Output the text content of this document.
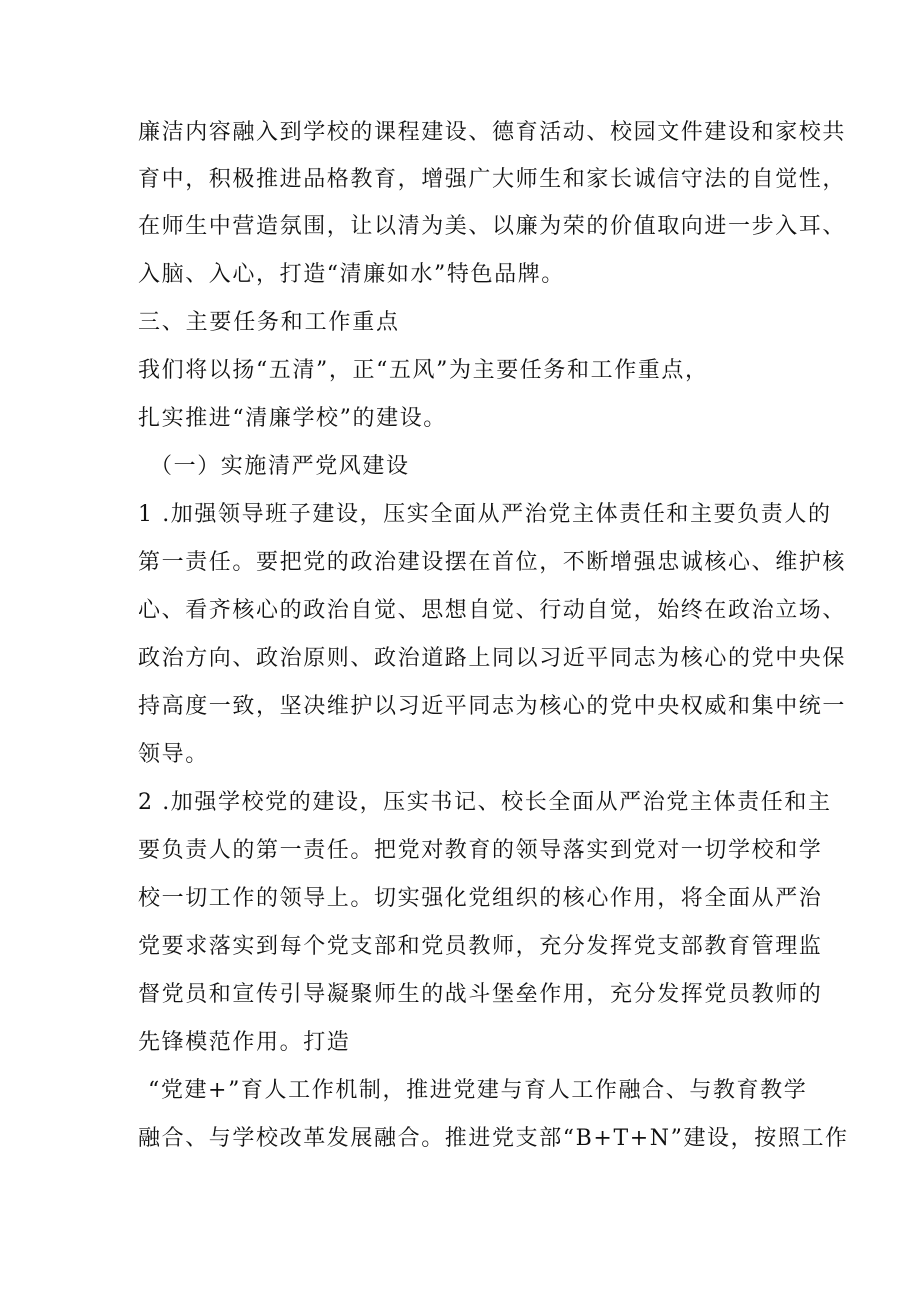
廉洁内容融入到学校的课程建设、德育活动、校园文件建设和家校共
育中，积极推进品格教育，增强广大师生和家长诚信守法的自觉性，
在师生中营造氛围，让以清为美、以廉为荣的价值取向进一步入耳、
入脑、入心，打造“清廉如水”特色品牌。
三、主要任务和工作重点
我们将以扬“五清”，正“五风”为主要任务和工作重点，
扎实推进“清廉学校”的建设。
（一）实施清严党风建设
1 .加强领导班子建设，压实全面从严治党主体责任和主要负责人的
第一责任。要把党的政治建设摆在首位，不断增强忠诚核心、维护核
心、看齐核心的政治自觉、思想自觉、行动自觉，始终在政治立场、
政治方向、政治原则、政治道路上同以习近平同志为核心的党中央保
持高度一致，坚决维护以习近平同志为核心的党中央权威和集中统一
领导。
2 .加强学校党的建设，压实书记、校长全面从严治党主体责任和主
要负责人的第一责任。把党对教育的领导落实到党对一切学校和学
校一切工作的领导上。切实强化党组织的核心作用，将全面从严治
党要求落实到每个党支部和党员教师，充分发挥党支部教育管理监
督党员和宣传引导凝聚师生的战斗堡垒作用，充分发挥党员教师的
先锋模范作用。打造
“党建+”育人工作机制，推进党建与育人工作融合、与教育教学
融合、与学校改革发展融合。推进党支部“B+T+N”建设，按照工作
